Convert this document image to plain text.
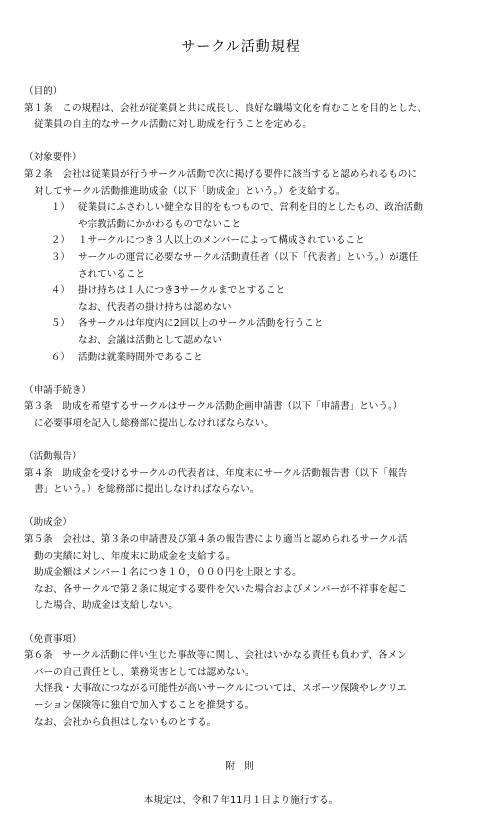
サークル活動規程
（目的）
第１条　この規程は、会社が従業員と共に成長し、良好な職場文化を育むことを目的とした、
従業員の自主的なサークル活動に対し助成を行うことを定める。
（対象要件）
第２条　会社は従業員が行うサークル活動で次に掲げる要件に該当すると認められるものに
対してサークル活動推進助成金（以下「助成金」という。）を支給する。
１） 従業員にふさわしい健全な目的をもつもので、営利を目的としたもの、政治活動
や宗教活動にかかわるものでないこと
２） １サークルにつき３人以上のメンバーによって構成されていること
３） サークルの運営に必要なサークル活動責任者（以下「代表者」という。）が選任
されていること
４） 掛け持ちは１人につき3サークルまでとすること
なお、代表者の掛け持ちは認めない
５） 各サークルは年度内に2回以上のサークル活動を行うこと
なお、会議は活動として認めない
６） 活動は就業時間外であること
（申請手続き）
第３条　助成を希望するサークルはサークル活動企画申請書（以下「申請書」という。）
に必要事項を記入し総務部に提出しなければならない。
（活動報告）
第４条　助成金を受けるサークルの代表者は、年度末にサークル活動報告書（以下「報告
書」という。）を総務部に提出しなければならない。
（助成金）
第５条　会社は、第３条の申請書及び第４条の報告書により適当と認められるサークル活
動の実績に対し、年度末に助成金を支給する。
助成金額はメンバー１名につき１０，０００円を上限とする。
なお、各サークルで第２条に規定する要件を欠いた場合およびメンバーが不祥事を起こ
した場合、助成金は支給しない。
（免責事項）
第６条　サークル活動に伴い生じた事故等に関し、会社はいかなる責任も負わず、各メン
バーの自己責任とし、業務災害としては認めない。
大怪我・大事故につながる可能性が高いサークルについては、スポーツ保険やレクリエ
ーション保険等に独自で加入することを推奨する。
なお、会社から負担はしないものとする。
附 則
本規定は、令和７年11月１日より施行する。
